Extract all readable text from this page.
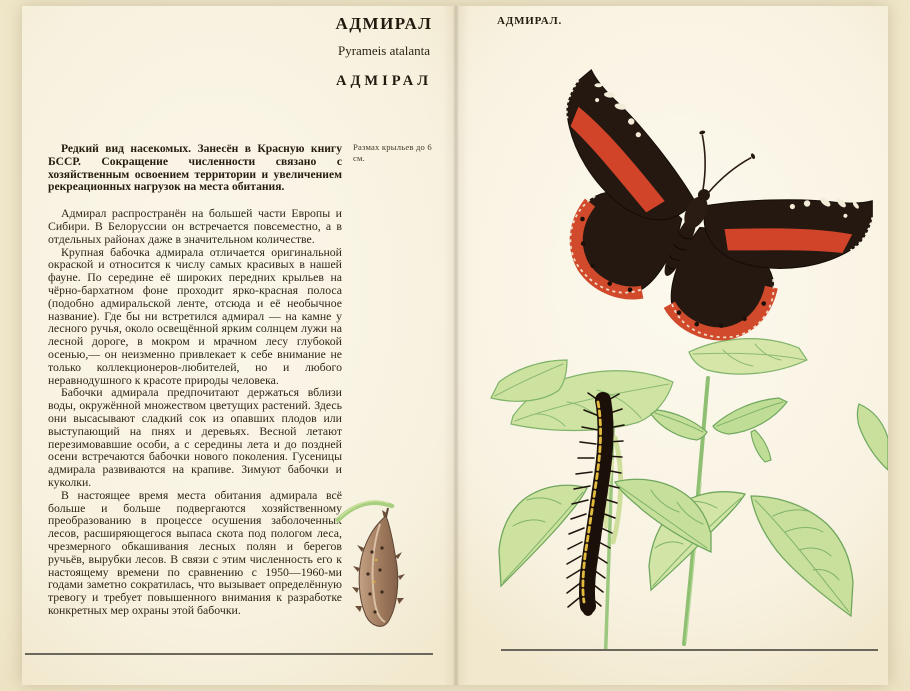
АДМИРАЛ
Pyrameis atalanta
АДМІРАЛ

Редкий вид насекомых. Занесён в Красную книгу БССР. Сокращение численности связано с хозяйственным освоением территории и увеличением рекреационных нагрузок на места обитания.

Адмирал распространён на большей части Европы и Сибири. В Белоруссии он встречается повсеместно, а в отдельных районах даже в значительном количестве.

Крупная бабочка адмирала отличается оригинальной окраской и относится к числу самых красивых в нашей фауне. По середине её широких передних крыльев на чёрно-бархатном фоне проходит ярко-красная полоса (подобно адмиральской ленте, отсюда и её необычное название). Где бы ни встретился адмирал — на камне у лесного ручья, около освещённой ярким солнцем лужи на лесной дороге, в мокром и мрачном лесу глубокой осенью,— он неизменно привлекает к себе внимание не только коллекционеров-любителей, но и любого неравнодушного к красоте природы человека.

Бабочки адмирала предпочитают держаться вблизи воды, окружённой множеством цветущих растений. Здесь они высасывают сладкий сок из опавших плодов или выступающий на пнях и деревьях. Весной летают перезимовавшие особи, а с середины лета и до поздней осени встречаются бабочки нового поколения. Гусеницы адмирала развиваются на крапиве. Зимуют бабочки и куколки.

В настоящее время места обитания адмирала всё больше и больше подвергаются хозяйственному преобразованию в процессе осушения заболоченных лесов, расширяющегося выпаса скота под пологом леса, чрезмерного обкашивания лесных полян и берегов ручьёв, вырубки лесов. В связи с этим численность его к настоящему времени по сравнению с 1950—1960-ми годами заметно сократилась, что вызывает определённую тревогу и требует повышенного внимания к разработке конкретных мер охраны этой бабочки.

Размах крыльев до 6 см.
АДМИРАЛ.
